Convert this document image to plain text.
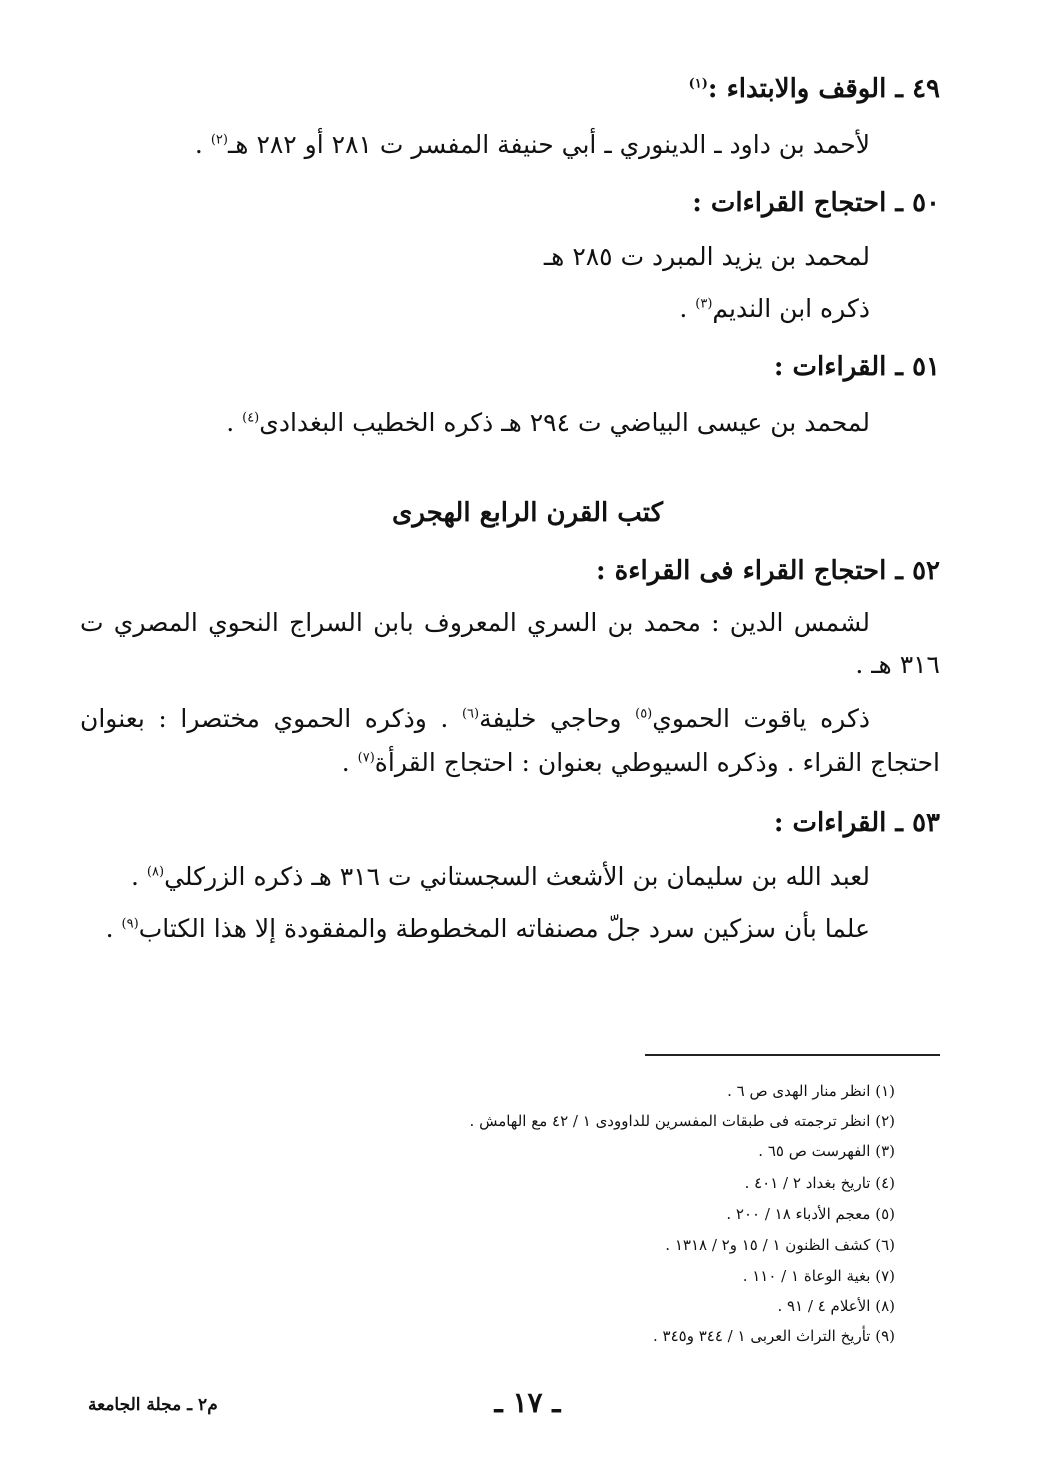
٤٩ ـ الوقف والابتداء :$^{(١)}$
لأحمد بن داود ـ الدينوري ـ أبي حنيفة المفسر ت ٢٨١ أو ٢٨٢ هـ$^{(٢)}$ .
٥٠ ـ احتجاج القراءات :
لمحمد بن يزيد المبرد ت ٢٨٥ هـ
ذكره ابن النديم$^{(٣)}$ .
٥١ ـ القراءات :
لمحمد بن عيسى البياضي ت ٢٩٤ هـ ذكره الخطيب البغدادى$^{(٤)}$ .
كتب القرن الرابع الهجرى
٥٢ ـ احتجاج القراء فى القراءة :
لشمس الدين : محمد بن السري المعروف بابن السراج النحوي المصري ت
٣١٦ هـ .
ذكره ياقوت الحموي$^{(٥)}$ وحاجي خليفة$^{(٦)}$ . وذكره الحموي مختصرا : بعنوان
احتجاج القراء . وذكره السيوطي بعنوان : احتجاج القرأة$^{(٧)}$ .
٥٣ ـ القراءات :
لعبد الله بن سليمان بن الأشعث السجستاني ت ٣١٦ هـ ذكره الزركلي$^{(٨)}$ .
علما بأن سزكين سرد جلّ مصنفاته المخطوطة والمفقودة إلا هذا الكتاب$^{(٩)}$ .
(١) انظر منار الهدى ص ٦ .
(٢) انظر ترجمته فى طبقات المفسرين للداوودى ١ / ٤٢ مع الهامش .
(٣) الفهرست ص ٦٥ .
(٤) تاريخ بغداد ٢ / ٤٠١ .
(٥) معجم الأدباء ١٨ / ٢٠٠ .
(٦) كشف الظنون ١ / ١٥ و٢ / ١٣١٨ .
(٧) بغية الوعاة ١ / ١١٠ .
(٨) الأعلام ٤ / ٩١ .
(٩) تأريخ التراث العربى ١ / ٣٤٤ و٣٤٥ .
ـ ١٧ ـ
م٢ ـ مجلة الجامعة
